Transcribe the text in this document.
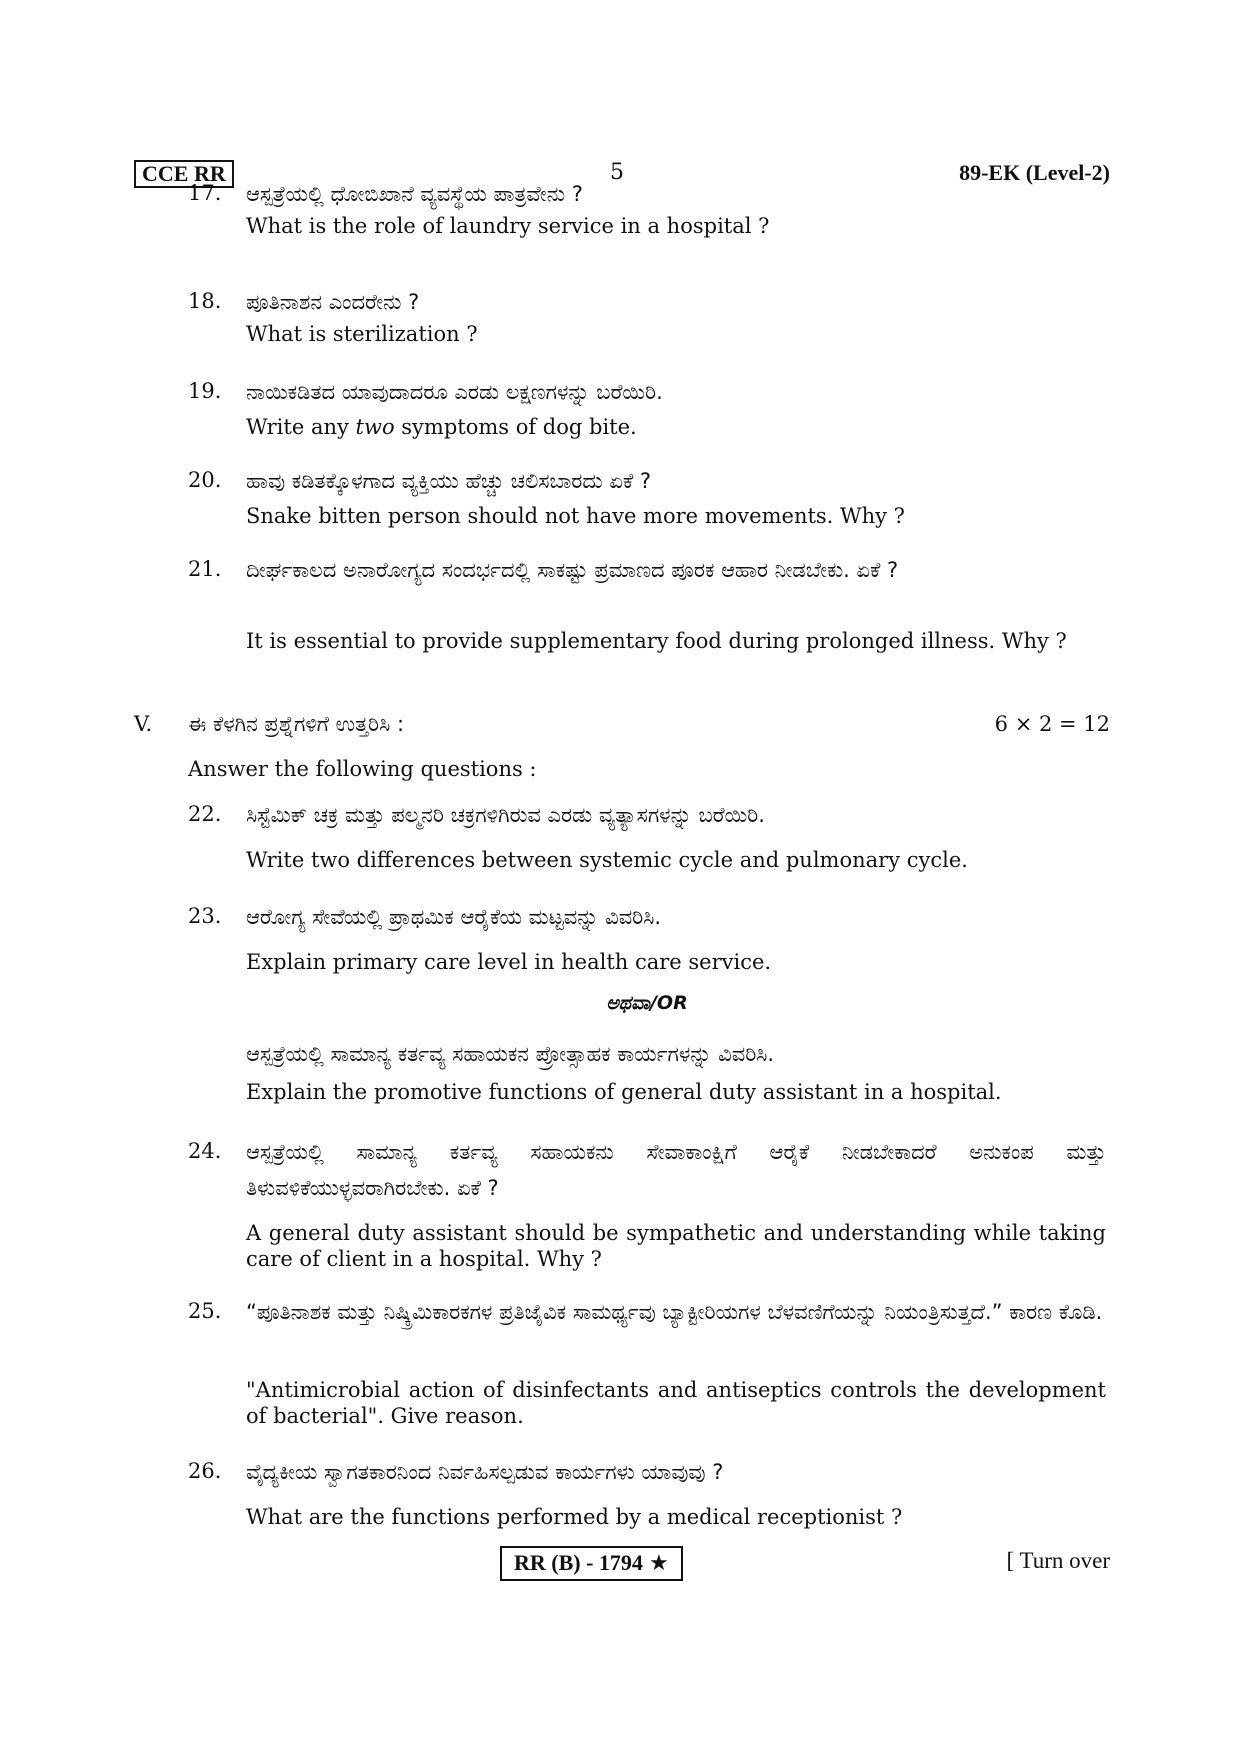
CCE RR	5	89-EK (Level-2)
17. ಆಸ್ಪತ್ರೆಯಲ್ಲಿ ಧೋಬಿಖಾನೆ ವ್ಯವಸ್ಥೆಯ ಪಾತ್ರವೇನು ?
What is the role of laundry service in a hospital ?
18. ಪೂತಿನಾಶನ ಎಂದರೇನು ?
What is sterilization ?
19. ನಾಯಿಕಡಿತದ ಯಾವುದಾದರೂ ಎರಡು ಲಕ್ಷಣಗಳನ್ನು ಬರೆಯಿರಿ.
Write any two symptoms of dog bite.
20. ಹಾವು ಕಡಿತಕ್ಕೊಳಗಾದ ವ್ಯಕ್ತಿಯು ಹೆಚ್ಚು ಚಲಿಸಬಾರದು ಏಕೆ ?
Snake bitten person should not have more movements. Why ?
21. ದೀರ್ಘಕಾಲದ ಅನಾರೋಗ್ಯದ ಸಂದರ್ಭದಲ್ಲಿ ಸಾಕಷ್ಟು ಪ್ರಮಾಣದ ಪೂರಕ ಆಹಾರ ನೀಡಬೇಕು. ಏಕೆ ?
It is essential to provide supplementary food during prolonged illness. Why ?
V. ಈ ಕೆಳಗಿನ ಪ್ರಶ್ನೆಗಳಿಗೆ ಉತ್ತರಿಸಿ :	6 × 2 = 12
Answer the following questions :
22. ಸಿಸ್ಟೆಮಿಕ್ ಚಕ್ರ ಮತ್ತು ಪಲ್ಮನರಿ ಚಕ್ರಗಳಿಗಿರುವ ಎರಡು ವ್ಯತ್ಯಾಸಗಳನ್ನು ಬರೆಯಿರಿ.
Write two differences between systemic cycle and pulmonary cycle.
23. ಆರೋಗ್ಯ ಸೇವೆಯಲ್ಲಿ ಪ್ರಾಥಮಿಕ ಆರೈಕೆಯ ಮಟ್ಟವನ್ನು ವಿವರಿಸಿ.
Explain primary care level in health care service.
ಅಥವಾ/OR
ಆಸ್ಪತ್ರೆಯಲ್ಲಿ ಸಾಮಾನ್ಯ ಕರ್ತವ್ಯ ಸಹಾಯಕನ ಪ್ರೋತ್ಸಾಹಕ ಕಾರ್ಯಗಳನ್ನು ವಿವರಿಸಿ.
Explain the promotive functions of general duty assistant in a hospital.
24. ಆಸ್ಪತ್ರೆಯಲ್ಲಿ ಸಾಮಾನ್ಯ ಕರ್ತವ್ಯ ಸಹಾಯಕನು ಸೇವಾಕಾಂಕ್ಷಿಗೆ ಆರೈಕೆ ನೀಡಬೇಕಾದರೆ ಅನುಕಂಪ ಮತ್ತು ತಿಳುವಳಿಕೆಯುಳ್ಳವರಾಗಿರಬೇಕು. ಏಕೆ ?
A general duty assistant should be sympathetic and understanding while taking care of client in a hospital. Why ?
25. “ಪೂತಿನಾಶಕ ಮತ್ತು ನಿಷ್ಕ್ರಿಮಿಕಾರಕಗಳ ಪ್ರತಿಜೈವಿಕ ಸಾಮರ್ಥ್ಯವು ಬ್ಯಾಕ್ಟೀರಿಯಗಳ ಬೆಳವಣಿಗೆಯನ್ನು ನಿಯಂತ್ರಿಸುತ್ತದೆ.” ಕಾರಣ ಕೊಡಿ.
"Antimicrobial action of disinfectants and antiseptics controls the development of bacterial". Give reason.
26. ವೈದ್ಯಕೀಯ ಸ್ವಾಗತಕಾರನಿಂದ ನಿರ್ವಹಿಸಲ್ಪಡುವ ಕಾರ್ಯಗಳು ಯಾವುವು ?
What are the functions performed by a medical receptionist ?
RR (B) - 1794 ★	[ Turn over
